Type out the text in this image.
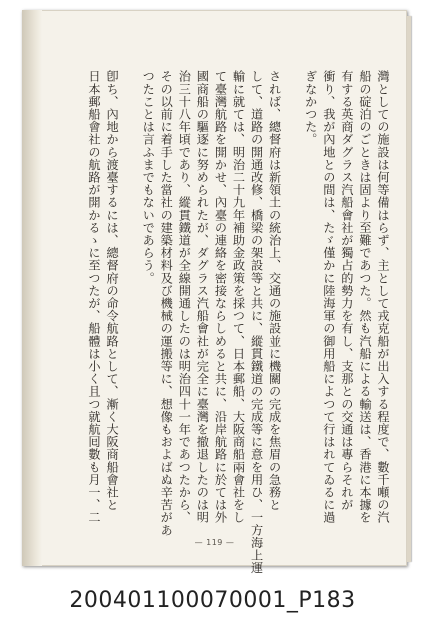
灣としての施設は何等備はらず、主として戎克船が出入する程度で、數千噸の汽
船の碇泊のごときは固より至難であつた。然も汽船による輸送は、香港に本據を
有する英商ダグラス汽船會社が獨占的勢力を有し、支那との交通は專らそれが
衝り、我が內地との間は、たゞ僅かに陸海軍の御用船によつて行はれてゐるに過
ぎなかつた。
されば、總督府は新領土の統治上、交通の施設並に機關の完成を焦眉の急務と
して、道路の開通改修、橋梁の架設等と共に、縱貫鐵道の完成等に意を用ひ、一方海上運
輸に就ては、明治二十九年補助金政策を採つて、日本郵船、大阪商船兩會社をし
て臺灣航路を開かせ、內臺の連絡を密接ならしめると共に、沿岸航路に於ては外
國商船の驅逐に努められたが、ダグラス汽船會社が完全に臺灣を撤退したのは明
治三十八年頃であり、縱貫鐵道が全線開通したのは明治四十一年であつたから、
その以前に着手した當社の建築材料及び機械の運搬等に、想像もおよばぬ辛苦があ
つたことは言ふまでもないであらう。
卽ち、內地から渡臺するには、總督府の命令航路として、漸く大阪商船會社と
日本郵船會社の航路が開かるゝに至つたが、船體は小く且つ就航囘數も月一、二
— 119 —
200401100070001_P183
